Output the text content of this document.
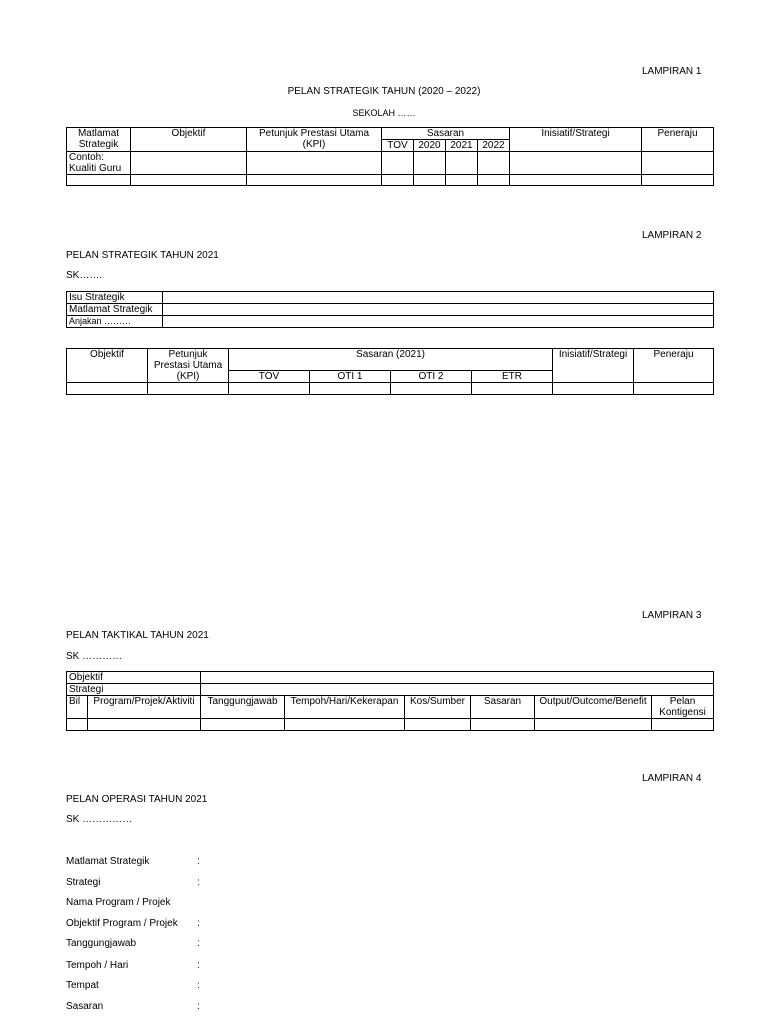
LAMPIRAN 1
PELAN STRATEGIK TAHUN (2020 – 2022)
SEKOLAH ……
Matlamat Strategik	Objektif	Petunjuk Prestasi Utama (KPI)	Sasaran				Inisiatif/Strategi	Peneraju
			TOV	2020	2021	2022		
Contoh: Kualiti Guru								

LAMPIRAN 2
PELAN STRATEGIK TAHUN 2021
SK…….
Isu Strategik	
Matlamat Strategik	
Anjakan ………	
Objektif	Petunjuk Prestasi Utama (KPI)	Sasaran (2021)				Inisiatif/Strategi	Peneraju
		TOV	OTI 1	OTI 2	ETR		

LAMPIRAN 3
PELAN TAKTIKAL TAHUN 2021
SK …………
Objektif							
Strategi							
Bil	Program/Projek/Aktiviti	Tanggungjawab	Tempoh/Hari/Kekerapan	Kos/Sumber	Sasaran	Output/Outcome/Benefit	Pelan Kontigensi

LAMPIRAN 4
PELAN OPERASI TAHUN 2021
SK ……………
Matlamat Strategik	:
Strategi	:
Nama Program / Projek
Objektif Program / Projek :
Tanggungjawab	:
Tempoh / Hari	:
Tempat	:
Sasaran	:
